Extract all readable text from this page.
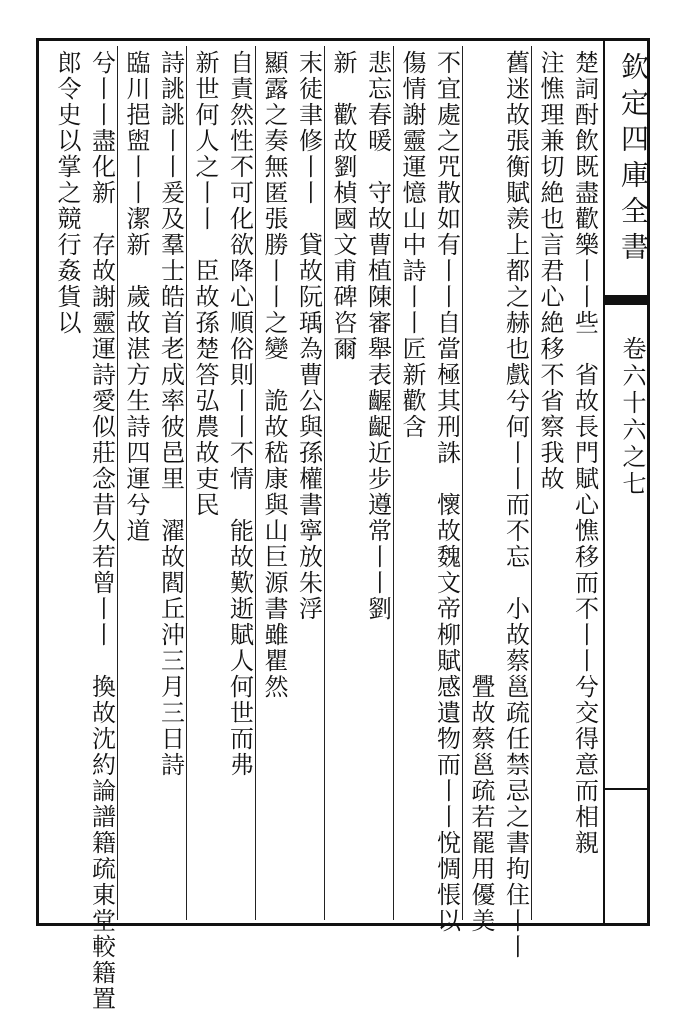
欽定四庫全書
卷六十六之七
楚詞酎飲既盡歡樂丨丨些　省故長門賦心憔移而不丨丨兮交得意而相親
注憔理兼切絶也言君心絶移不省察我故
舊迷故張衡賦羨上都之赫也戲兮何丨丨而不忘　小故蔡邕疏任禁忌之書拘住丨丨
　　　　　　　　　　　　　　　　　　　　　　　　舋故蔡邕疏若罷用優美
不宜處之咒散如有丨丨自當極其刑誅　懷故魏文帝柳賦感遺物而丨丨悅惆悵以
傷情謝靈運憶山中詩丨丨匠新歡含
悲忘春暖　守故曹植陳審舉表齷齪近步遵常丨丨劉
新　歡故劉楨國文甫碑咨爾
末徒聿修丨丨　貸故阮瑀為曹公與孫權書寧放朱浮
顯露之奏無匿張勝丨丨之變　詭故嵇康與山巨源書雖瞿然
自責然性不可化欲降心順俗則丨丨不情　能故歎逝賦人何世而弗
新世何人之丨丨　臣故孫楚答弘農故吏民
詩誂誂丨丨爰及羣士皓首老成率彼邑里　濯故閻丘沖三月三日詩
臨川挹盥丨丨潔新　歲故湛方生詩四運兮道
兮丨丨盡化新　存故謝靈運詩愛似莊念昔久若曾丨丨　換故沈約論譜籍疏東堂較籍置
郎令史以掌之競行姦貨以
